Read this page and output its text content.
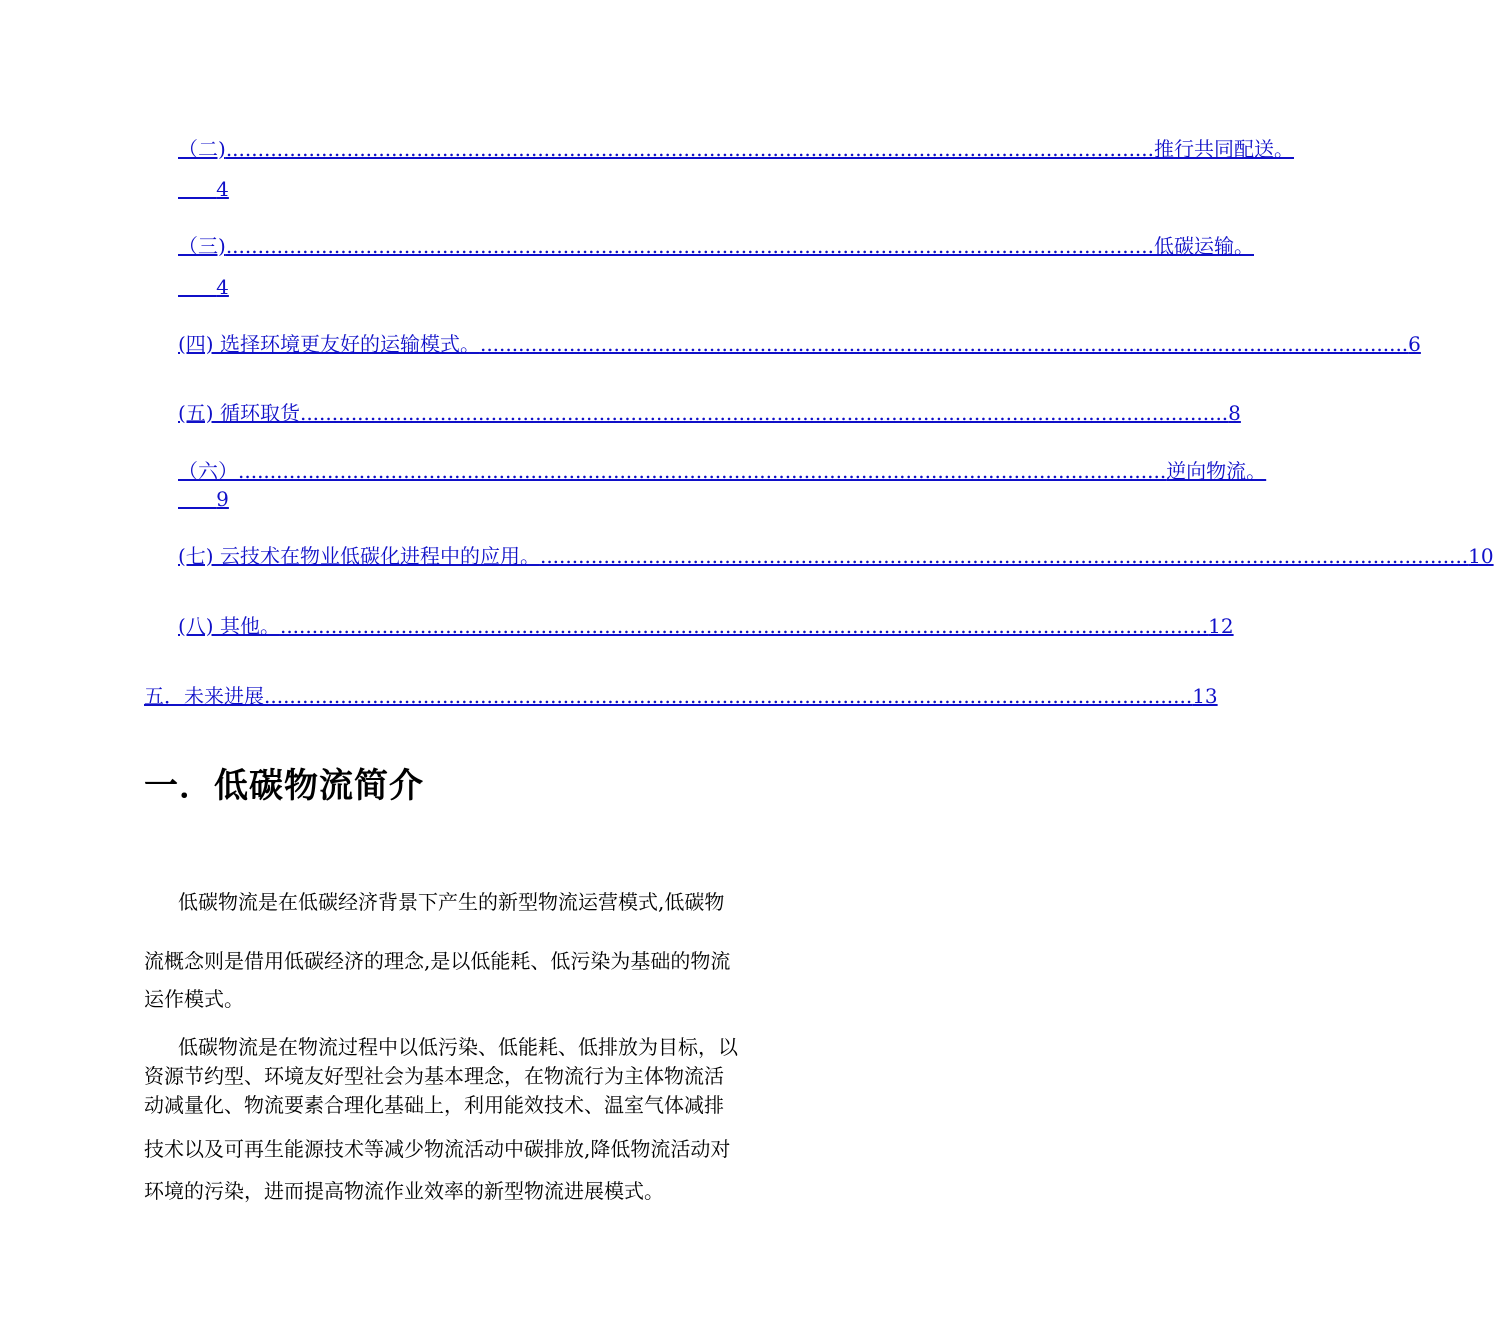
（二) .................................................................................................................................................. 推行共同配送。
4
（三) .................................................................................................................................................. 低碳运输。
4
(四) 选择环境更友好的运输模式。 .................................................................................................................................................. 6
(五) 循环取货 .................................................................................................................................................. 8
（六） .................................................................................................................................................. 逆向物流。
9
(七) 云技术在物业低碳化进程中的应用。 .................................................................................................................................................. 10
(八) 其他。 .................................................................................................................................................. 12
五．未来进展 .................................................................................................................................................. 13
一．低碳物流简介
低碳物流是在低碳经济背景下产生的新型物流运营模式,低碳物
流概念则是借用低碳经济的理念,是以低能耗、低污染为基础的物流
运作模式。
低碳物流是在物流过程中以低污染、低能耗、低排放为目标，以
资源节约型、环境友好型社会为基本理念，在物流行为主体物流活
动减量化、物流要素合理化基础上，利用能效技术、温室气体减排
技术以及可再生能源技术等减少物流活动中碳排放,降低物流活动对
环境的污染，进而提高物流作业效率的新型物流进展模式。
